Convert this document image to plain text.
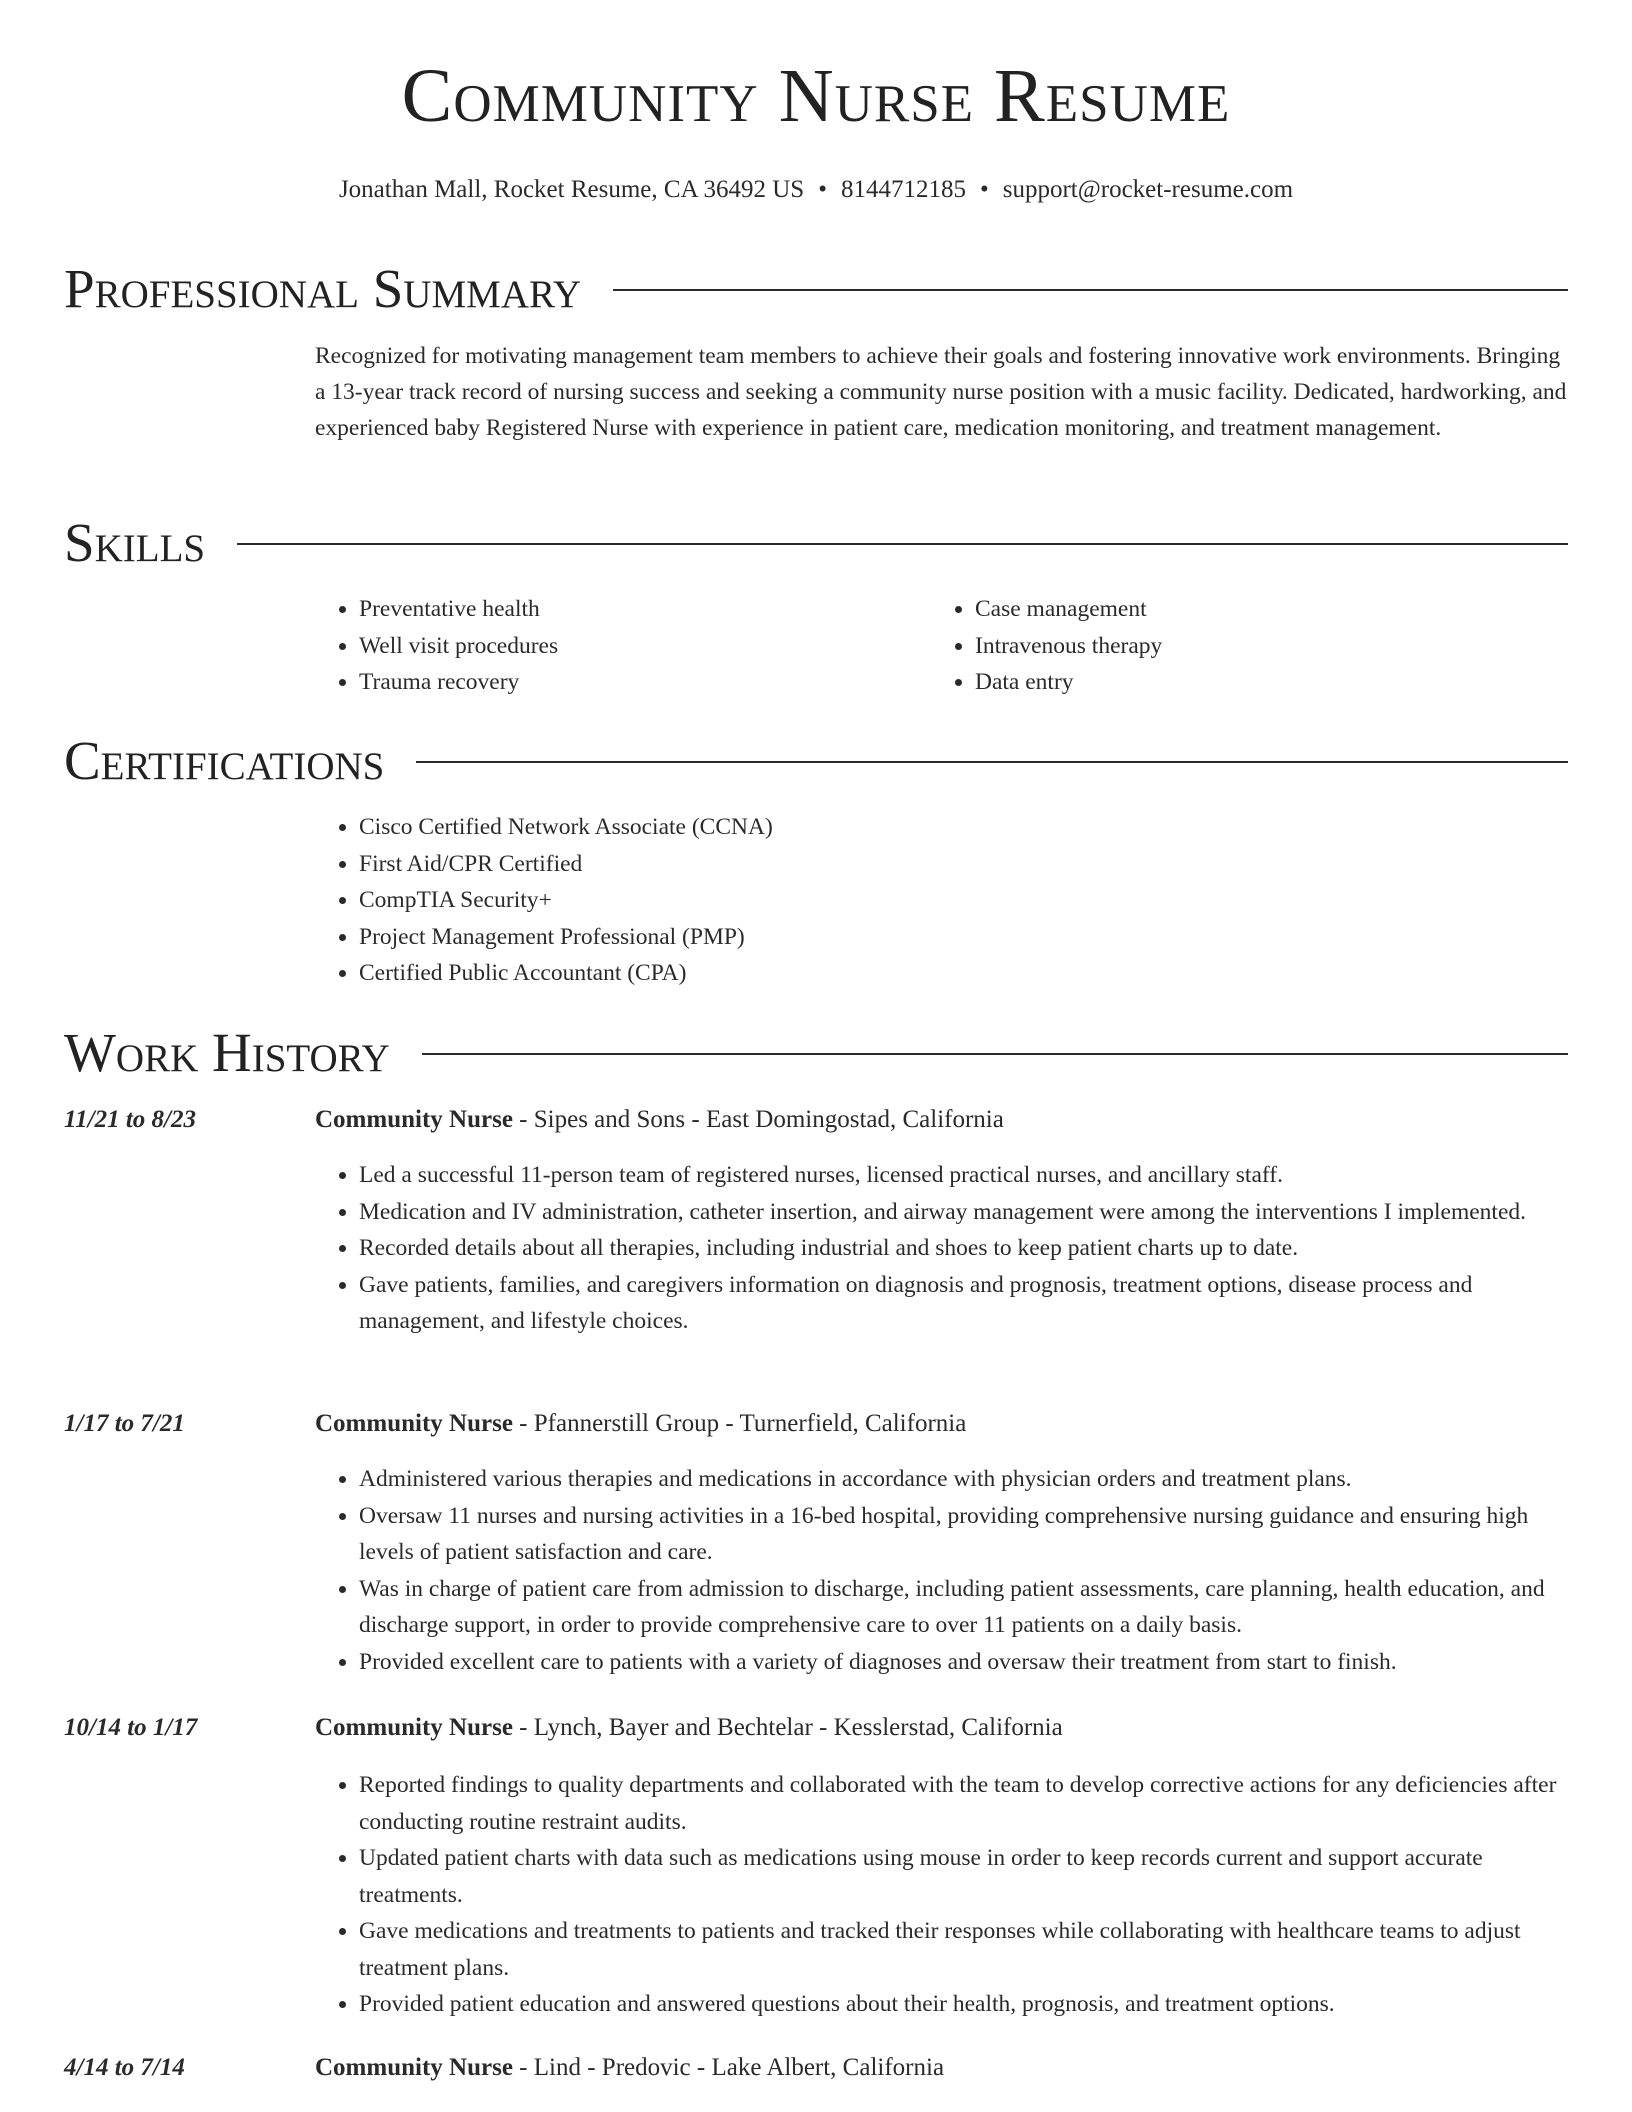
Community Nurse Resume
Jonathan Mall, Rocket Resume, CA 36492 US • 8144712185 • support@rocket-resume.com
Professional Summary
Recognized for motivating management team members to achieve their goals and fostering innovative work environments. Bringing a 13-year track record of nursing success and seeking a community nurse position with a music facility. Dedicated, hardworking, and experienced baby Registered Nurse with experience in patient care, medication monitoring, and treatment management.
Skills
• Preventative health
• Well visit procedures
• Trauma recovery
• Case management
• Intravenous therapy
• Data entry
Certifications
• Cisco Certified Network Associate (CCNA)
• First Aid/CPR Certified
• CompTIA Security+
• Project Management Professional (PMP)
• Certified Public Accountant (CPA)
Work History
11/21 to 8/23	Community Nurse - Sipes and Sons - East Domingostad, California
• Led a successful 11-person team of registered nurses, licensed practical nurses, and ancillary staff.
• Medication and IV administration, catheter insertion, and airway management were among the interventions I implemented.
• Recorded details about all therapies, including industrial and shoes to keep patient charts up to date.
• Gave patients, families, and caregivers information on diagnosis and prognosis, treatment options, disease process and management, and lifestyle choices.
1/17 to 7/21	Community Nurse - Pfannerstill Group - Turnerfield, California
• Administered various therapies and medications in accordance with physician orders and treatment plans.
• Oversaw 11 nurses and nursing activities in a 16-bed hospital, providing comprehensive nursing guidance and ensuring high levels of patient satisfaction and care.
• Was in charge of patient care from admission to discharge, including patient assessments, care planning, health education, and discharge support, in order to provide comprehensive care to over 11 patients on a daily basis.
• Provided excellent care to patients with a variety of diagnoses and oversaw their treatment from start to finish.
10/14 to 1/17	Community Nurse - Lynch, Bayer and Bechtelar - Kesslerstad, California
• Reported findings to quality departments and collaborated with the team to develop corrective actions for any deficiencies after conducting routine restraint audits.
• Updated patient charts with data such as medications using mouse in order to keep records current and support accurate treatments.
• Gave medications and treatments to patients and tracked their responses while collaborating with healthcare teams to adjust treatment plans.
• Provided patient education and answered questions about their health, prognosis, and treatment options.
4/14 to 7/14	Community Nurse - Lind - Predovic - Lake Albert, California
